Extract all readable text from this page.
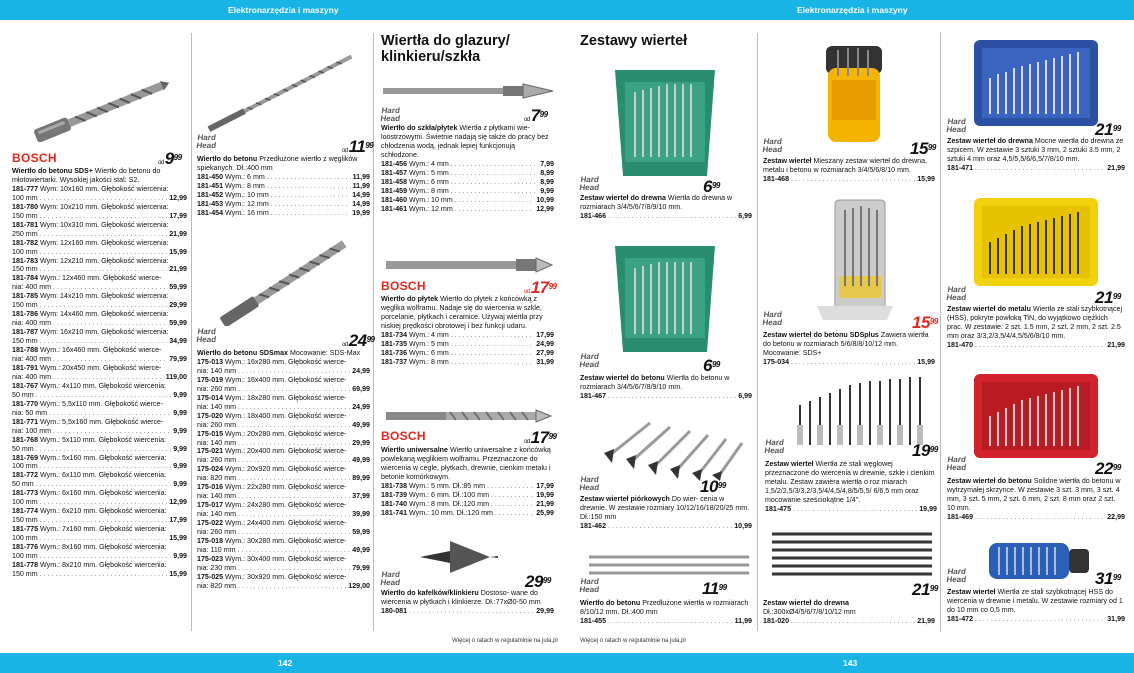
Elektronarzędzia i maszyny	Elektronarzędzia i maszyny
BOSCH	$od9^{99}$
Wiertło do betonu SDS+ Wiertło do betonu do młotowiertarki. Wysokiej jakości stal: S2.
181-777 Wym: 10x160 mm. Głębokość wiercenia:
100 mm . . .	12,99
181-780 Wym: 10x210 mm. Głębokość wiercenia:
150 mm . . .	17,99
181-781 Wym: 10x310 mm. Głębokość wiercenia:
250 mm . . .	21,99
181-782 Wym: 12x160 mm. Głębokość wiercenia:
100 mm . . .	15,99
181-783 Wym: 12x210 mm. Głębokość wiercenia:
150 mm . . .	21,99
181-784 Wym.: 12x460 mm. Głębokość wierce-
nia: 400 mm . . .	59,99
181-785 Wym: 14x210 mm. Głębokość wiercenia:
150 mm . . .	29,99
181-786 Wym: 14x460 mm. Głębokość wiercenia:
nia: 400 mm . . .	59,99
181-787 Wym: 16x210 mm. Głębokość wiercenia:
150 mm . . .	34,99
181-788 Wym.: 16x460 mm. Głębokość wierce-
nia: 400 mm . . .	79,99
181-791 Wym.: 20x450 mm. Głębokość wierce-
nia: 400 mm . . .	119,00
181-767 Wym.: 4x110 mm. Głębokość wiercenia:
50 mm . . .	9,99
181-770 Wym.: 5,5x110 mm. Głębokość wierce-
nia: 50 mm . . .	9,99
181-771 Wym.: 5,5x160 mm. Głębokość wierce-
nia: 100 mm . . .	9,99
181-768 Wym.: 5x110 mm. Głębokość wiercenia:
50 mm . . .	9,99
181-769 Wym.: 5x160 mm. Głębokość wiercenia:
100 mm . . .	9,99
181-772 Wym.: 6x110 mm. Głębokość wiercenia:
50 mm . . .	9,99
181-773 Wym.: 6x160 mm. Głębokość wiercenia:
100 mm . . .	12,99
181-774 Wym.: 6x210 mm. Głębokość wiercenia:
150 mm . . .	17,99
181-775 Wym.: 7x160 mm. Głębokość wiercenia:
100 mm . . .	15,99
181-776 Wym.: 8x160 mm. Głębokość wiercenia:
100 mm . . .	9,99
181-778 Wym.: 8x210 mm. Głębokość wiercenia:
150 mm . . .	15,99
Hard
Head
$od11^{99}$
Wiertło do betonu Przedłużone wiertło z węglików spiekanych. Dł.:400 mm
181-450 Wym.: 6 mm . . .	11,99
181-451 Wym.: 8 mm . . .	11,99
181-452 Wym.: 10 mm . . .	14,99
181-453 Wym.: 12 mm . . .	14,99
181-454 Wym.: 16 mm . . .	19,99
Hard
Head
$od24^{99}$
Wiertło do betonu SDSmax Mocowanie: SDS-Max
175-013 Wym.: 16x280 mm. Głębokość wierce-
nia: 140 mm . . .	24,99
175-019 Wym.: 16x400 mm. Głębokość wierce-
nia: 260 mm . . .	69,99
175-014 Wym.: 18x280 mm. Głębokość wierce-
nia: 140 mm . . .	24,99
175-020 Wym.: 18x400 mm. Głębokość wierce-
nia: 260 mm . . .	49,99
175-015 Wym.: 20x280 mm. Głębokość wierce-
nia: 140 mm . . .	29,99
175-021 Wym.: 20x400 mm. Głębokość wierce-
nia: 260 mm . . .	49,99
175-024 Wym.: 20x920 mm. Głębokość wierce-
nia: 820 mm . . .	89,99
175-016 Wym.: 22x280 mm. Głębokość wierce-
nia: 140 mm . . .	37,99
175-017 Wym.: 24x280 mm. Głębokość wierce-
nia: 140 mm . . .	39,99
175-022 Wym.: 24x400 mm. Głębokość wierce-
nia: 260 mm . . .	59,99
175-018 Wym.: 30x280 mm. Głębokość wierce-
nia: 110 mm . . .	49,99
175-023 Wym.: 30x400 mm. Głębokość wierce-
nia: 230 mm . . .	79,99
175-025 Wym.: 30x920 mm. Głębokość wierce-
nia: 820 mm . . .	129,00
Wiertła do glazury/
klinkieru/szkła
Hard
Head	$od7^{99}$
Wiertło do szkła/płytek Wiertła z płytkami wie- loostrzowymi. Świetnie nadają się także do pracy bez chłodzenia wodą, jednak lepiej funkcjonują schłodzone.
181-456 Wym.: 4 mm . . .	7,99
181-457 Wym.: 5 mm . . .	8,99
181-458 Wym.: 6 mm . . .	8,99
181-459 Wym.: 8 mm . . .	9,99
181-460 Wym.: 10 mm . . .	10,99
181-461 Wym.: 12 mm . . .	12,99
BOSCH	$od17^{99}$
Wiertło do płytek Wiertło do płytek z końcówką z węglika wolframu. Nadaje się do wiercenia w szkle, porcelanie, płytkach i ceramice. Używaj wiertła przy niskiej prędkości obrotowej i bez funkcji udaru.
181-734 Wym.: 4 mm . . .	17,99
181-735 Wym.: 5 mm . . .	24,99
181-736 Wym.: 6 mm . . .	27,99
181-737 Wym.: 8 mm . . .	31,99
BOSCH	$od17^{99}$
Wiertło uniwersalne Wiertło uniwersalne z końcówką powlekaną węglikiem wolframu. Przeznaczone do wiercenia w cegle, płytkach, drewnie, cienkim metalu i betonie komórkowym.
181-738 Wym.: 5 mm. Dł.:85 mm . . .	17,99
181-739 Wym.: 6 mm. Dł.:100 mm . . .	19,99
181-740 Wym.: 8 mm. Dł.:120 mm . . .	21,99
181-741 Wym.: 10 mm. Dł.:120 mm . . .	25,99
Hard
Head	$29^{99}$
Wiertło do kafelków/klinkieru Dostoso- wane do wiercenia w płytkach i klinkierze. Dł.:77xØ0-50 mm
180-081 . . .	29,99
Zestawy wierteł
Hard
Head	$6^{99}$
Zestaw wierteł do drewna Wiertła do drewna w rozmiarach 3/4/5/6/7/8/9/10 mm.
181-466 . . .	6,99
Hard
Head	$6^{99}$
Zestaw wierteł do betonu Wiertła do betonu w rozmiarach 3/4/5/6/7/8/9/10 mm.
181-467 . . .	6,99
Hard
Head	$10^{99}$
Zestaw wierteł piórkowych Do wier- cenia w drewnie. W zestawie rozmiary 10/12/16/18/20/25 mm. Dł.:150 mm
181-462 . . .	10,99
Hard
Head	$11^{99}$
Wiertło do betonu Przedłużone wiertła w rozmiarach 8/10/12 mm. Dł.:400 mm
181-455 . . .	11,99
Hard
Head	$15^{99}$
Zestaw wierteł Mieszany zestaw wierteł do drewna, metalu i betonu w rozmiarach 3/4/5/6/8/10 mm.
181-468 . . .	15,99
Hard
Head	$15^{99}$
Zestaw wierteł do betonu SDSplus Zawiera wiertła do betonu w rozmiarach 5/6/8/8/10/12 mm. Mocowanie: SDS+
175-034 . . .	15,99
Hard
Head	$19^{99}$
Zestaw wierteł Wiertła ze stali węglowej przeznaczone do wiercenia w drewnie, szkle i cienkim metalu. Zestaw zawiera wiertła o roz miarach 1,5/2/2,5/3/3,2/3,5/4/4,5/4,8/5/5,5/ 6/6,5 mm oraz mocowanie sześciokątne 1/4".
181-475 . . .	19,99
$21^{99}$
Zestaw wierteł do drewna
Dł.:300xØ4/5/6/7/8/10/12 mm
181-020 . . .	21,99
Hard
Head	$21^{99}$
Zestaw wierteł do drewna Mocne wiertła do drewna ze szpicem. W zestawie 3 sztuki 3 mm, 2 sztuki 3.5 mm, 2 sztuki 4 mm oraz 4,5/5,5/6/6,5/7/8/10 mm.
181-471 . . .	21,99
Hard
Head	$21^{99}$
Zestaw wierteł do metalu Wiertła ze stali szybkotnącej (HSS), pokryte powłoką TiN, do wyjątkowo ciężkich prac. W zestawie: 2 szt. 1.5 mm, 2 szt. 2 mm, 2 szt. 2.5 mm oraz 3/3,2/3,5/4/4,5/5/6/8/10 mm.
181-470 . . .	21,99
Hard
Head	$22^{99}$
Zestaw wierteł do betonu Solidne wiertła do betonu w wytrzymałej skrzynce. W zestawie 3 szt. 3 mm, 3 szt. 4 mm, 3 szt. 5 mm, 2 szt. 6 mm, 2 szt. 8 mm oraz 2 szt. 10 mm.
181-469 . . .	22,99
Hard
Head	$31^{99}$
Zestaw wierteł Wiertła ze stali szybkotnącej HSS do wiercenia w drewnie i metalu. W zestawie rozmiary od 1 do 10 mm co 0,5 mm.
181-472 . . .	31,99
Więcej o ratach w regulaminie na jula.pl	Więcej o ratach w regulaminie na jula.pl
142	143
